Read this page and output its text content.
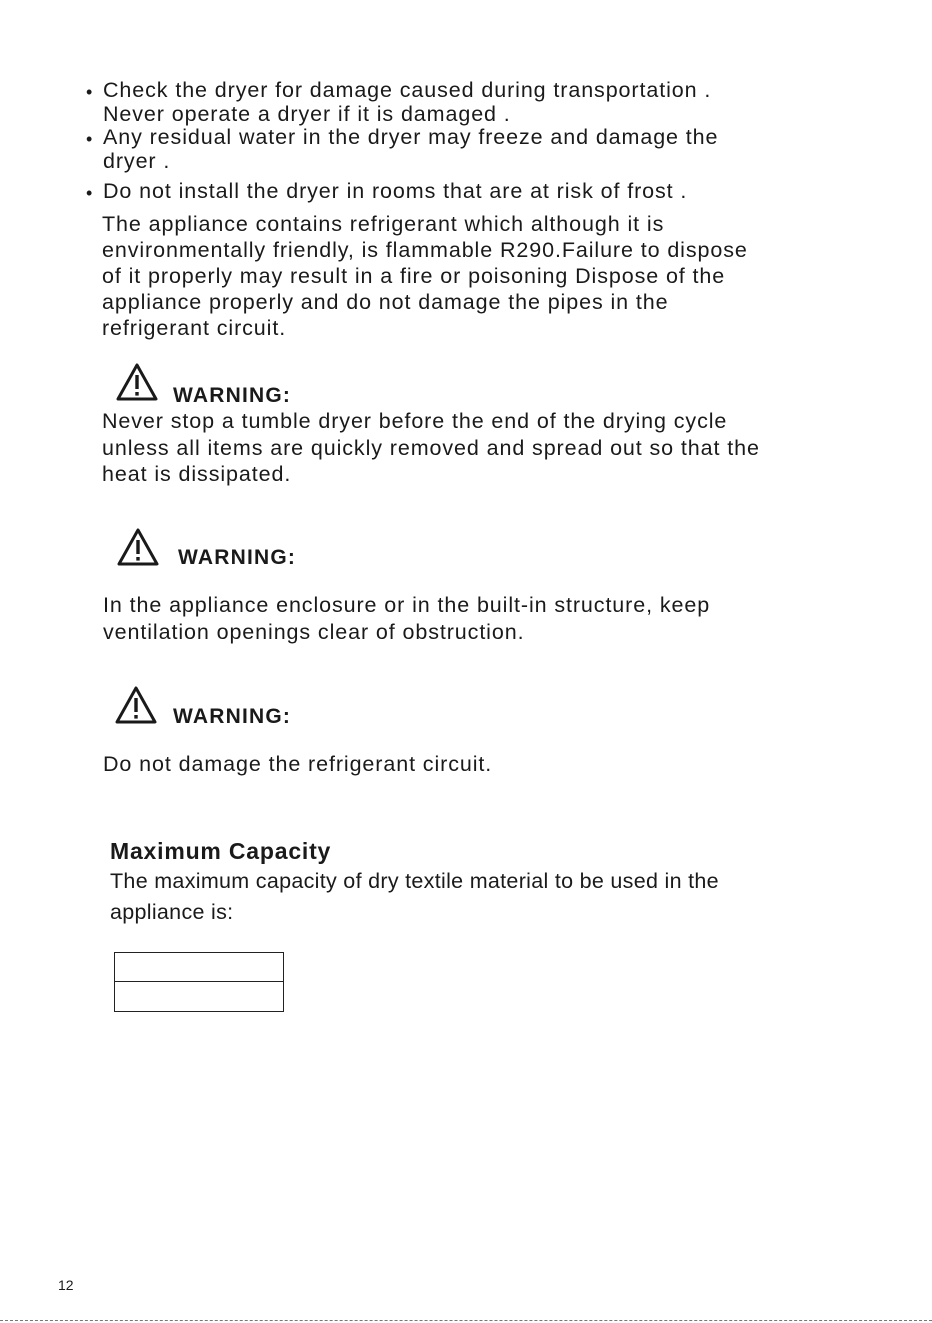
• Check the dryer for damage caused during transportation .
Never operate a dryer if it is damaged .
• Any residual water in the dryer may freeze and damage the
dryer .
• Do not install the dryer in rooms that are at risk of frost .
The appliance contains refrigerant which although it is
environmentally friendly, is flammable R290.Failure to dispose
of it properly may result in a fire or poisoning Dispose of the
appliance properly and do not damage the pipes in the
refrigerant circuit.
WARNING:
Never stop a tumble dryer before the end of the drying cycle
unless all items are quickly removed and spread out so that the
heat is dissipated.
WARNING:
In the appliance enclosure or in the built-in structure, keep
ventilation openings clear of obstruction.
WARNING:
Do not damage the refrigerant circuit.
Maximum Capacity
The maximum capacity of dry textile material to be used in the
appliance is:
12
